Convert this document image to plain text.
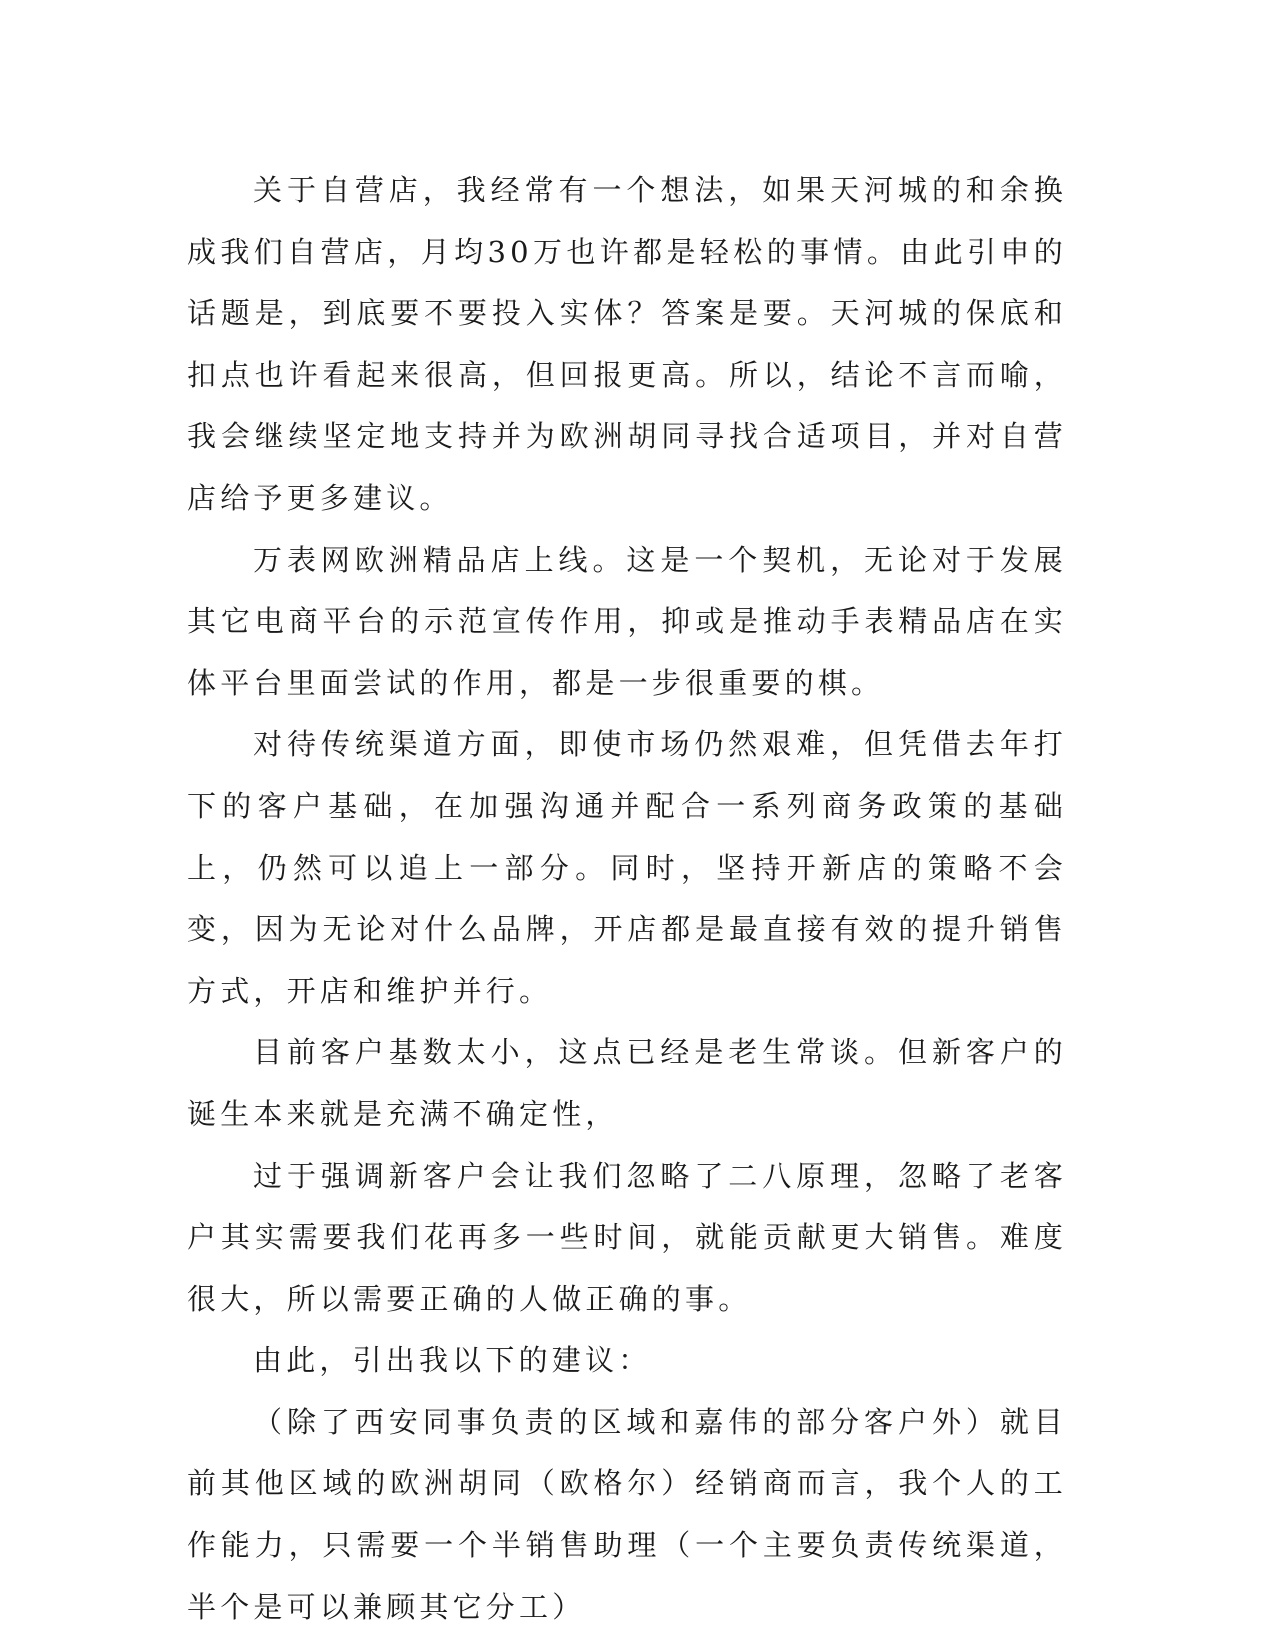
关于自营店，我经常有一个想法，如果天河城的和余换成我们自营店，月均30万也许都是轻松的事情。由此引申的话题是，到底要不要投入实体？答案是要。天河城的保底和扣点也许看起来很高，但回报更高。所以，结论不言而喻，我会继续坚定地支持并为欧洲胡同寻找合适项目，并对自营店给予更多建议。

万表网欧洲精品店上线。这是一个契机，无论对于发展其它电商平台的示范宣传作用，抑或是推动手表精品店在实体平台里面尝试的作用，都是一步很重要的棋。

对待传统渠道方面，即使市场仍然艰难，但凭借去年打下的客户基础，在加强沟通并配合一系列商务政策的基础上，仍然可以追上一部分。同时，坚持开新店的策略不会变，因为无论对什么品牌，开店都是最直接有效的提升销售方式，开店和维护并行。

目前客户基数太小，这点已经是老生常谈。但新客户的诞生本来就是充满不确定性，

过于强调新客户会让我们忽略了二八原理，忽略了老客户其实需要我们花再多一些时间，就能贡献更大销售。难度很大，所以需要正确的人做正确的事。

由此，引出我以下的建议：

（除了西安同事负责的区域和嘉伟的部分客户外）就目前其他区域的欧洲胡同（欧格尔）经销商而言，我个人的工作能力，只需要一个半销售助理（一个主要负责传统渠道，半个是可以兼顾其它分工）
